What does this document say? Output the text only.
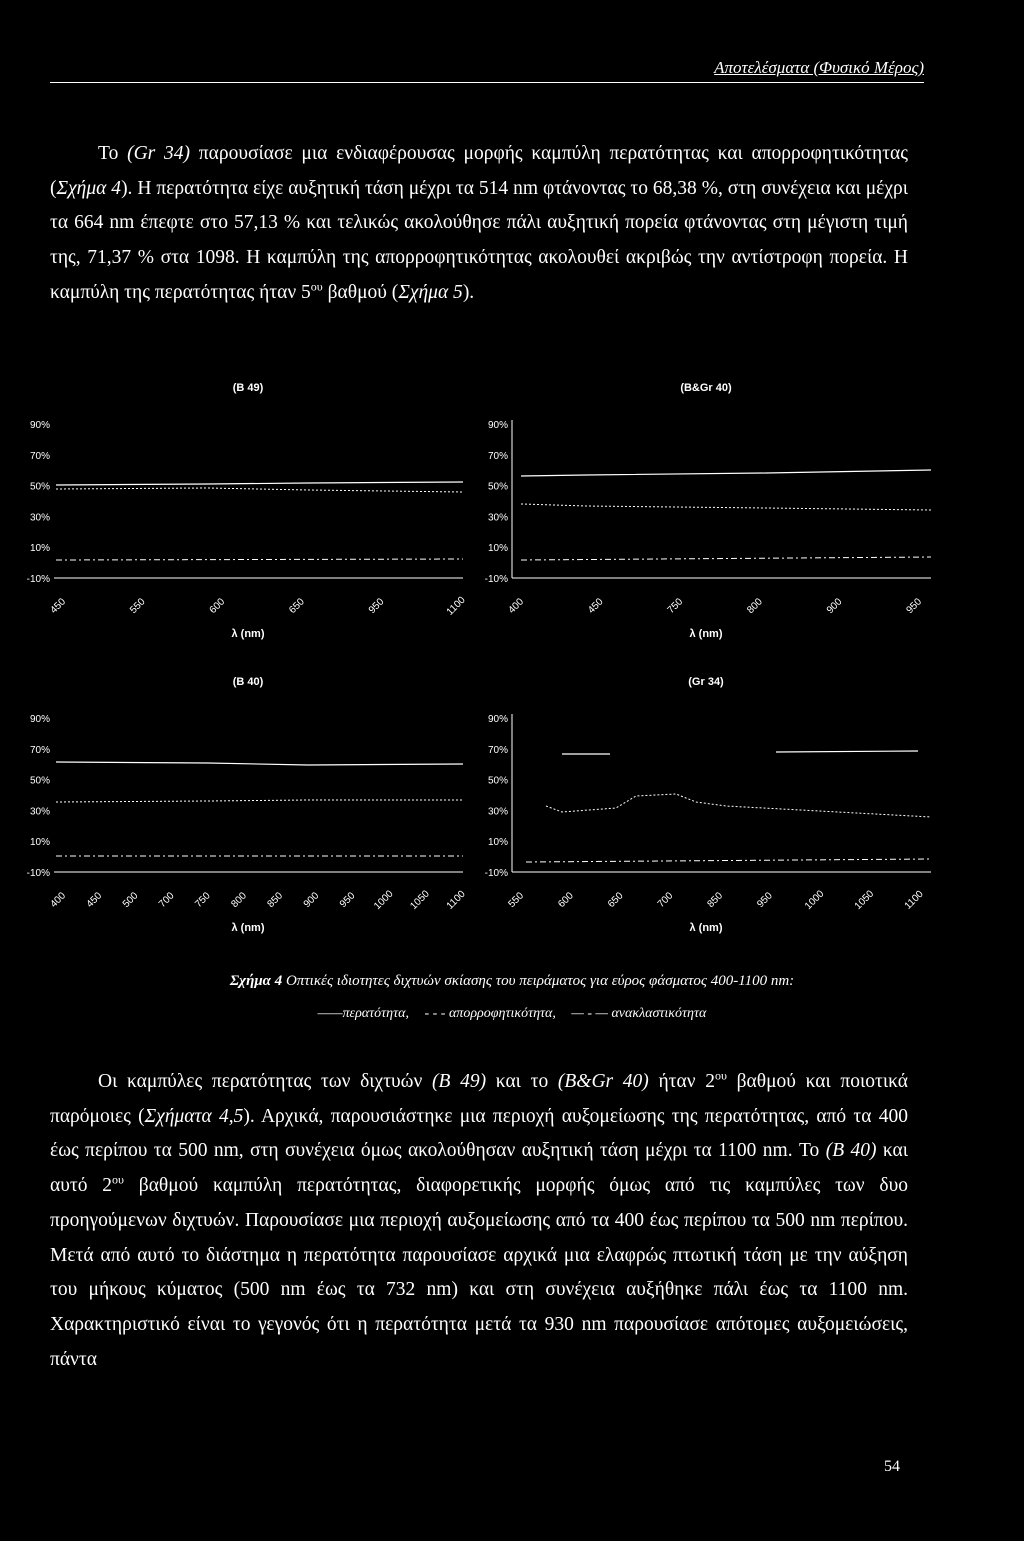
Αποτελέσματα (Φυσικό Μέρος)

Το (Gr 34) παρουσίασε μια ενδιαφέρουσας μορφής καμπύλη περατότητας και απορροφητικότητας (Σχήμα 4). Η περατότητα είχε αυξητική τάση μέχρι τα 514 nm φτάνοντας το 68,38 %, στη συνέχεια και μέχρι τα 664 nm έπεφτε στο 57,13 % και τελικώς ακολούθησε πάλι αυξητική πορεία φτάνοντας στη μέγιστη τιμή της, 71,37 % στα 1098. Η καμπύλη της απορροφητικότητας ακολουθεί ακριβώς την αντίστροφη πορεία. Η καμπύλη της περατότητας ήταν $5^{o\upsilon}$ βαθμού (Σχήμα 5).

(B 49)
90%
70%
50%
30%
10%
-10%
450	550	600	650	950	1100
λ (nm)
(B&Gr 40)
90%
70%
50%
30%
10%
-10%
400	450	750	800	900	950
λ (nm)
(B 40)
90%
70%
50%
30%
10%
-10%
400 450 500 700 750 800 850 900 950 1000 1050 1100
λ (nm)
(Gr 34)
90%
70%
50%
30%
10%
-10%
550	600	650	700	850	950	1000	1050	1100
λ (nm)
Σχήμα 4 Οπτικές ιδιοτητες διχτυών σκίασης του πειράματος για εύρος φάσματος 400-1100 nm:
——περατότητα, - - - απορροφητικότητα, — - — ανακλαστικότητα

Οι καμπύλες περατότητας των διχτυών (B 49) και το (B&Gr 40) ήταν $2^{o\upsilon}$ βαθμού και ποιοτικά παρόμοιες (Σχήματα 4,5). Αρχικά, παρουσιάστηκε μια περιοχή αυξομείωσης της περατότητας, από τα 400 έως περίπου τα 500 nm, στη συνέχεια όμως ακολούθησαν αυξητική τάση μέχρι τα 1100 nm. Το (B 40) και αυτό $2^{o\upsilon}$ βαθμού καμπύλη περατότητας, διαφορετικής μορφής όμως από τις καμπύλες των δυο προηγούμενων διχτυών. Παρουσίασε μια περιοχή αυξομείωσης από τα 400 έως περίπου τα 500 nm περίπου. Μετά από αυτό το διάστημα η περατότητα παρουσίασε αρχικά μια ελαφρώς πτωτική τάση με την αύξηση του μήκους κύματος (500 nm έως τα 732 nm) και στη συνέχεια αυξήθηκε πάλι έως τα 1100 nm. Χαρακτηριστικό είναι το γεγονός ότι η περατότητα μετά τα 930 nm παρουσίασε απότομες αυξομειώσεις, πάντα

54
